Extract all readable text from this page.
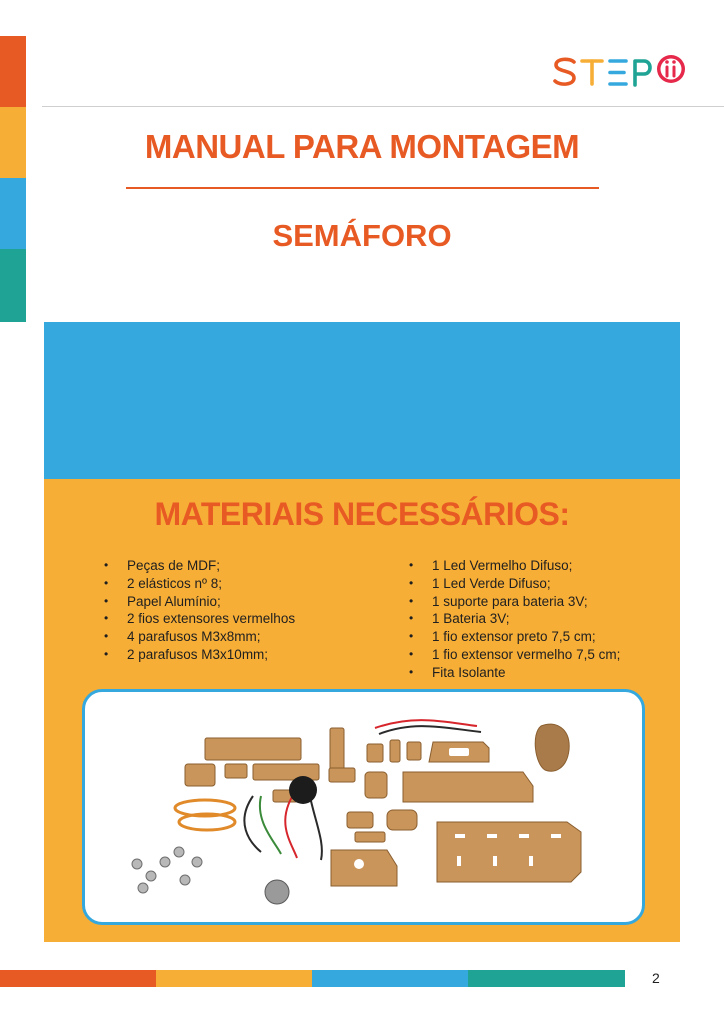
MANUAL PARA MONTAGEM
SEMÁFORO
MATERIAIS NECESSÁRIOS:
• Peças de MDF;
• 2 elásticos nº 8;
• Papel Alumínio;
• 2 fios extensores vermelhos
• 4 parafusos M3x8mm;
• 2 parafusos M3x10mm;
• 1 Led Vermelho Difuso;
• 1 Led Verde Difuso;
• 1 suporte para bateria 3V;
• 1 Bateria 3V;
• 1 fio extensor preto 7,5 cm;
• 1 fio extensor vermelho 7,5 cm;
• Fita Isolante
2
